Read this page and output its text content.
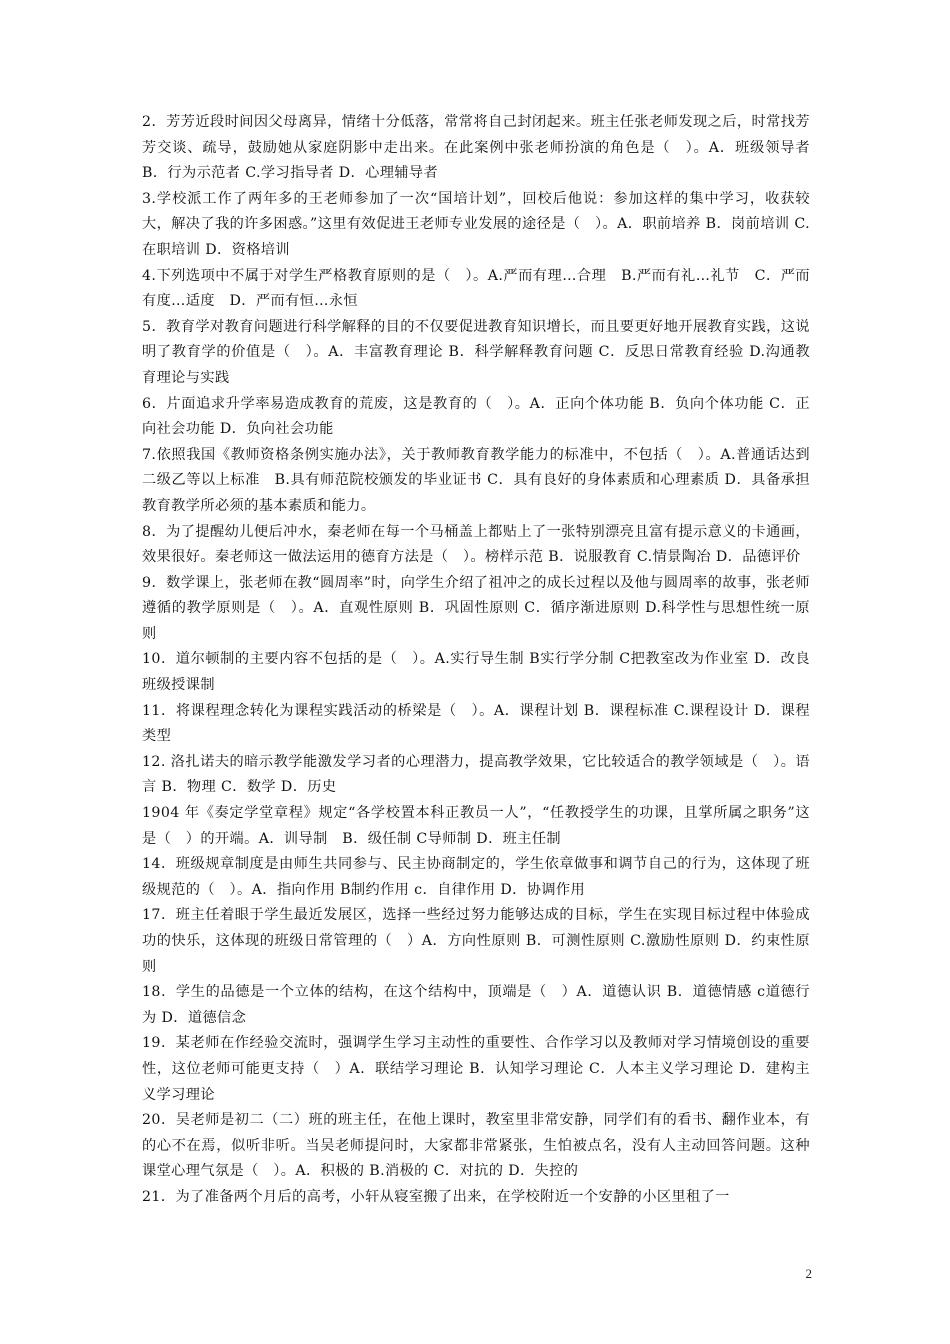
2．芳芳近段时间因父母离异，情绪十分低落，常常将自己封闭起来。班主任张老师发现之后，时常找芳芳交谈、疏导，鼓励她从家庭阴影中走出来。在此案例中张老师扮演的角色是（　）。A．班级领导者 B．行为示范者 C.学习指导者 D．心理辅导者

3.学校派工作了两年多的王老师参加了一次“国培计划”，回校后他说：参加这样的集中学习，收获较大，解决了我的许多困惑。”这里有效促进王老师专业发展的途径是（　）。A．职前培养 B．岗前培训 C.在职培训 D．资格培训

4.下列选项中不属于对学生严格教育原则的是（　）。A.严而有理…合理　B.严而有礼…礼节　C．严而有度…适度　D．严而有恒…永恒

5．教育学对教育问题进行科学解释的目的不仅要促进教育知识增长，而且要更好地开展教育实践，这说明了教育学的价值是（　）。A．丰富教育理论 B．科学解释教育问题 C．反思日常教育经验 D.沟通教育理论与实践

6．片面追求升学率易造成教育的荒废，这是教育的（　）。A．正向个体功能 B．负向个体功能 C．正向社会功能 D．负向社会功能

7.依照我国《教师资格条例实施办法》，关于教师教育教学能力的标准中，不包括（　）。A.普通话达到二级乙等以上标准　B.具有师范院校颁发的毕业证书 C．具有良好的身体素质和心理素质 D．具备承担教育教学所必须的基本素质和能力。

8．为了提醒幼儿便后冲水，秦老师在每一个马桶盖上都贴上了一张特别漂亮且富有提示意义的卡通画，效果很好。秦老师这一做法运用的德育方法是（　）。榜样示范 B．说服教育 C.情景陶冶 D．品德评价

9．数学课上，张老师在教“圆周率”时，向学生介绍了祖冲之的成长过程以及他与圆周率的故事，张老师遵循的教学原则是（　）。A．直观性原则 B．巩固性原则 C．循序渐进原则 D.科学性与思想性统一原则

10．道尔顿制的主要内容不包括的是（　）。A.实行导生制 B实行学分制 C把教室改为作业室 D．改良班级授课制

11．将课程理念转化为课程实践活动的桥梁是（　）。A．课程计划 B．课程标准 C.课程设计 D．课程类型

12. 洛扎诺夫的暗示教学能激发学习者的心理潜力，提高教学效果，它比较适合的教学领域是（　）。语言 B．物理 C．数学 D．历史

1904 年《奏定学堂章程》规定“各学校置本科正教员一人”，“任教授学生的功课，且掌所属之职务”这是（　）的开端。A．训导制　B．级任制 C导师制 D．班主任制

14．班级规章制度是由师生共同参与、民主协商制定的，学生依章做事和调节自己的行为，这体现了班级规范的（　）。A．指向作用 B制约作用 c．自律作用 D．协调作用

17．班主任着眼于学生最近发展区，选择一些经过努力能够达成的目标，学生在实现目标过程中体验成功的快乐，这体现的班级日常管理的（　）A．方向性原则 B．可测性原则 C.激励性原则 D．约束性原则

18．学生的品德是一个立体的结构，在这个结构中，顶端是（　）A．道德认识 B．道德情感 c道德行为 D．道德信念

19．某老师在作经验交流时，强调学生学习主动性的重要性、合作学习以及教师对学习情境创设的重要性，这位老师可能更支持（　）A．联结学习理论 B．认知学习理论 C．人本主义学习理论 D．建构主义学习理论

20．吴老师是初二（二）班的班主任，在他上课时，教室里非常安静，同学们有的看书、翻作业本，有的心不在焉，似听非听。当吴老师提问时，大家都非常紧张，生怕被点名，没有人主动回答问题。这种课堂心理气氛是（　）。A．积极的 B.消极的 C．对抗的 D．失控的

21．为了准备两个月后的高考，小轩从寝室搬了出来，在学校附近一个安静的小区里租了一

2
